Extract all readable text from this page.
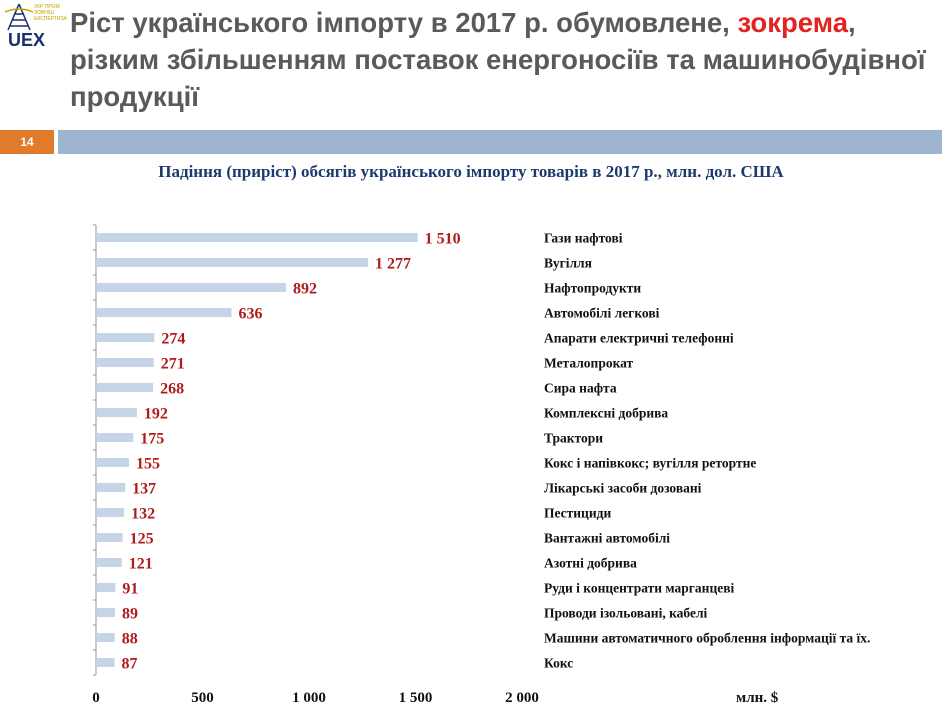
УКР ПРОМ ЗОВНІШ ЕКСПЕРТИЗА
UEX
Ріст українського імпорту в 2017 р. обумовлене, зокрема, різким збільшенням поставок енергоносіїв та машинобудівної продукції
14
Падіння (приріст) обсягів українського імпорту товарів в 2017 р., млн. дол. США
1 510	Гази нафтові
1 277	Вугілля
892	Нафтопродукти
636	Автомобілі легкові
274	Апарати електричні телефонні
271	Металопрокат
268	Сира нафта
192	Комплексні добрива
175	Трактори
155	Кокс і напівкокс; вугілля ретортне
137	Лікарські засоби дозовані
132	Пестициди
125	Вантажні автомобілі
121	Азотні добрива
91	Руди і концентрати марганцеві
89	Проводи ізольовані, кабелі
88	Машини автоматичного оброблення інформації та їх.
87	Кокс
0	500	1 000	1 500	2 000	млн. $
